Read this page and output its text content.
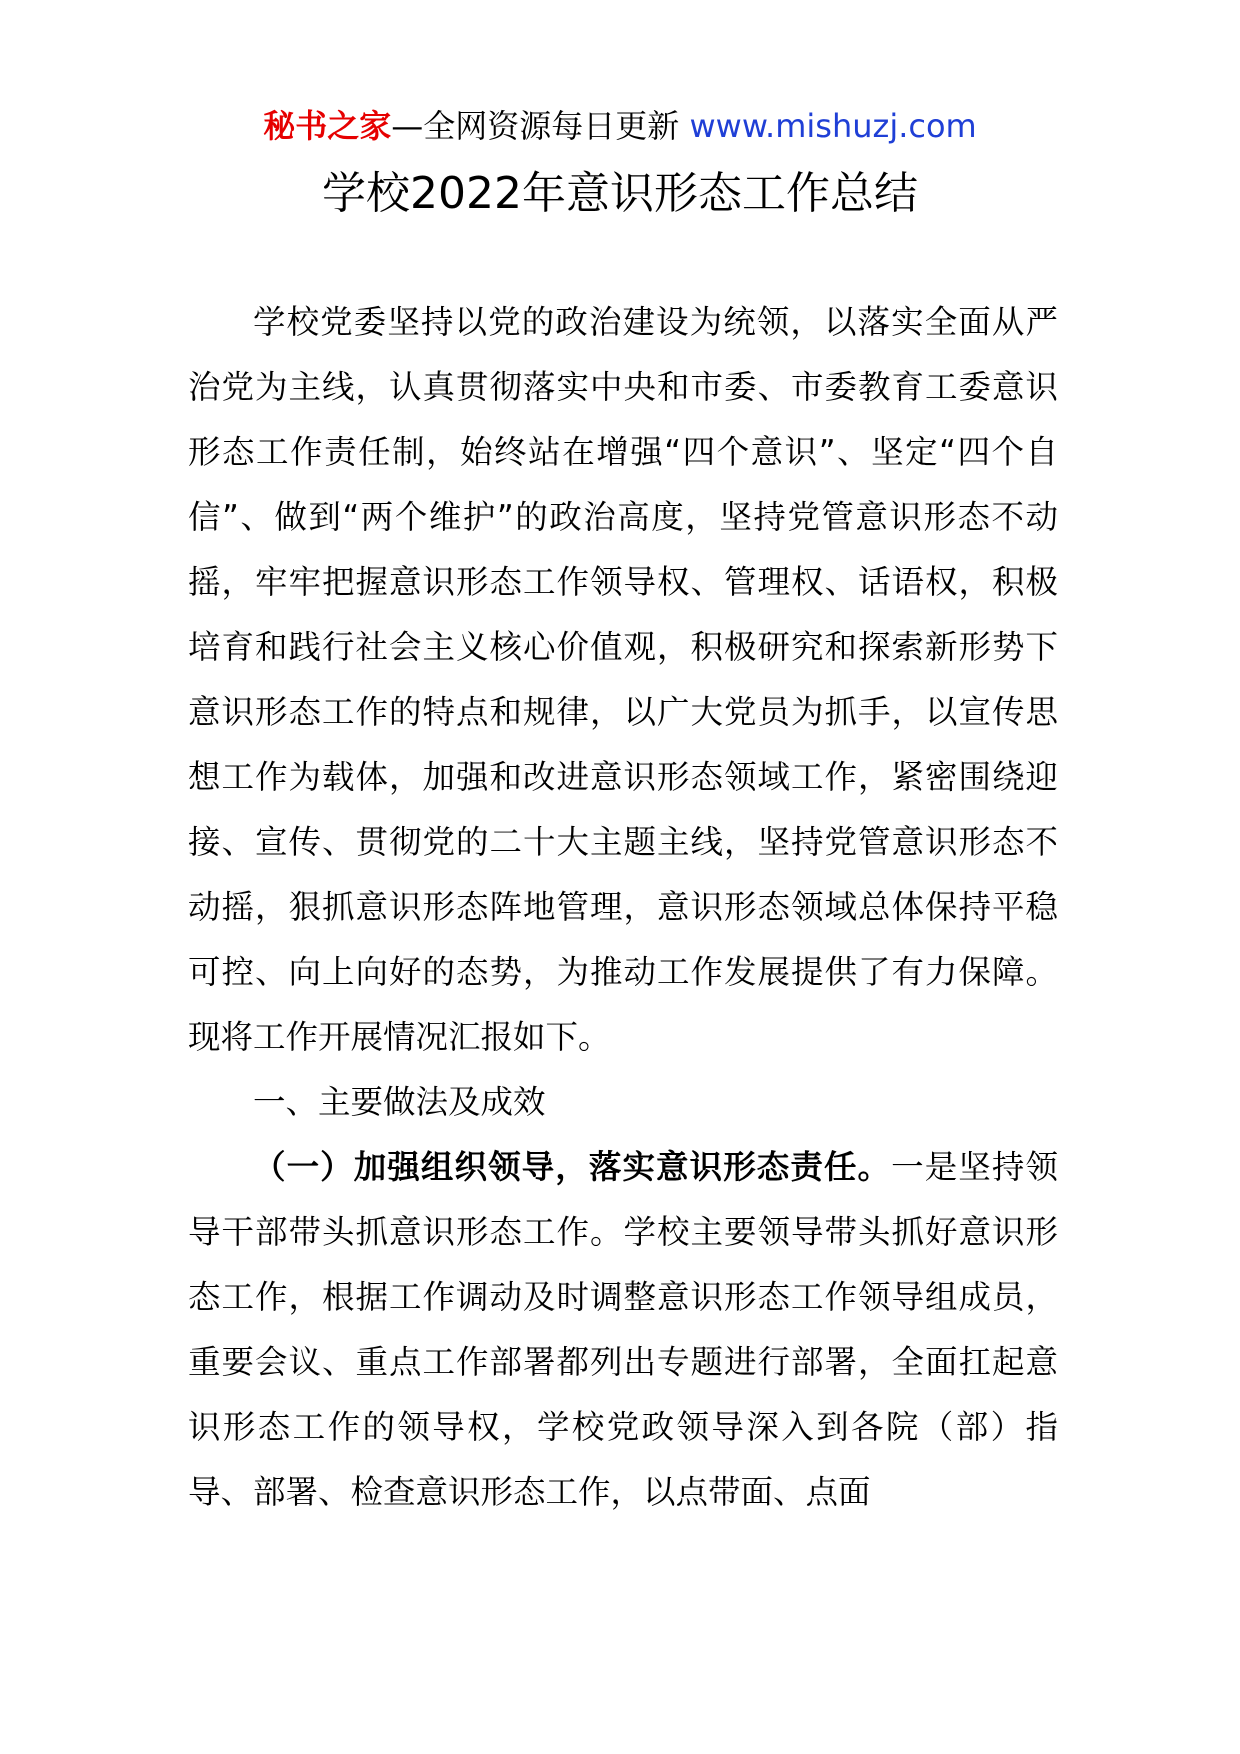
秘书之家—全网资源每日更新 www.mishuzj.com
学校2022年意识形态工作总结

学校党委坚持以党的政治建设为统领，以落实全面从严治党为主线，认真贯彻落实中央和市委、市委教育工委意识形态工作责任制，始终站在增强“四个意识”、坚定“四个自信”、做到“两个维护”的政治高度，坚持党管意识形态不动摇，牢牢把握意识形态工作领导权、管理权、话语权，积极培育和践行社会主义核心价值观，积极研究和探索新形势下意识形态工作的特点和规律，以广大党员为抓手，以宣传思想工作为载体，加强和改进意识形态领域工作，紧密围绕迎接、宣传、贯彻党的二十大主题主线，坚持党管意识形态不动摇，狠抓意识形态阵地管理，意识形态领域总体保持平稳可控、向上向好的态势，为推动工作发展提供了有力保障。现将工作开展情况汇报如下。

一、主要做法及成效

（一）加强组织领导，落实意识形态责任。一是坚持领导干部带头抓意识形态工作。学校主要领导带头抓好意识形态工作，根据工作调动及时调整意识形态工作领导组成员，重要会议、重点工作部署都列出专题进行部署，全面扛起意识形态工作的领导权，学校党政领导深入到各院（部）指导、部署、检查意识形态工作，以点带面、点面
